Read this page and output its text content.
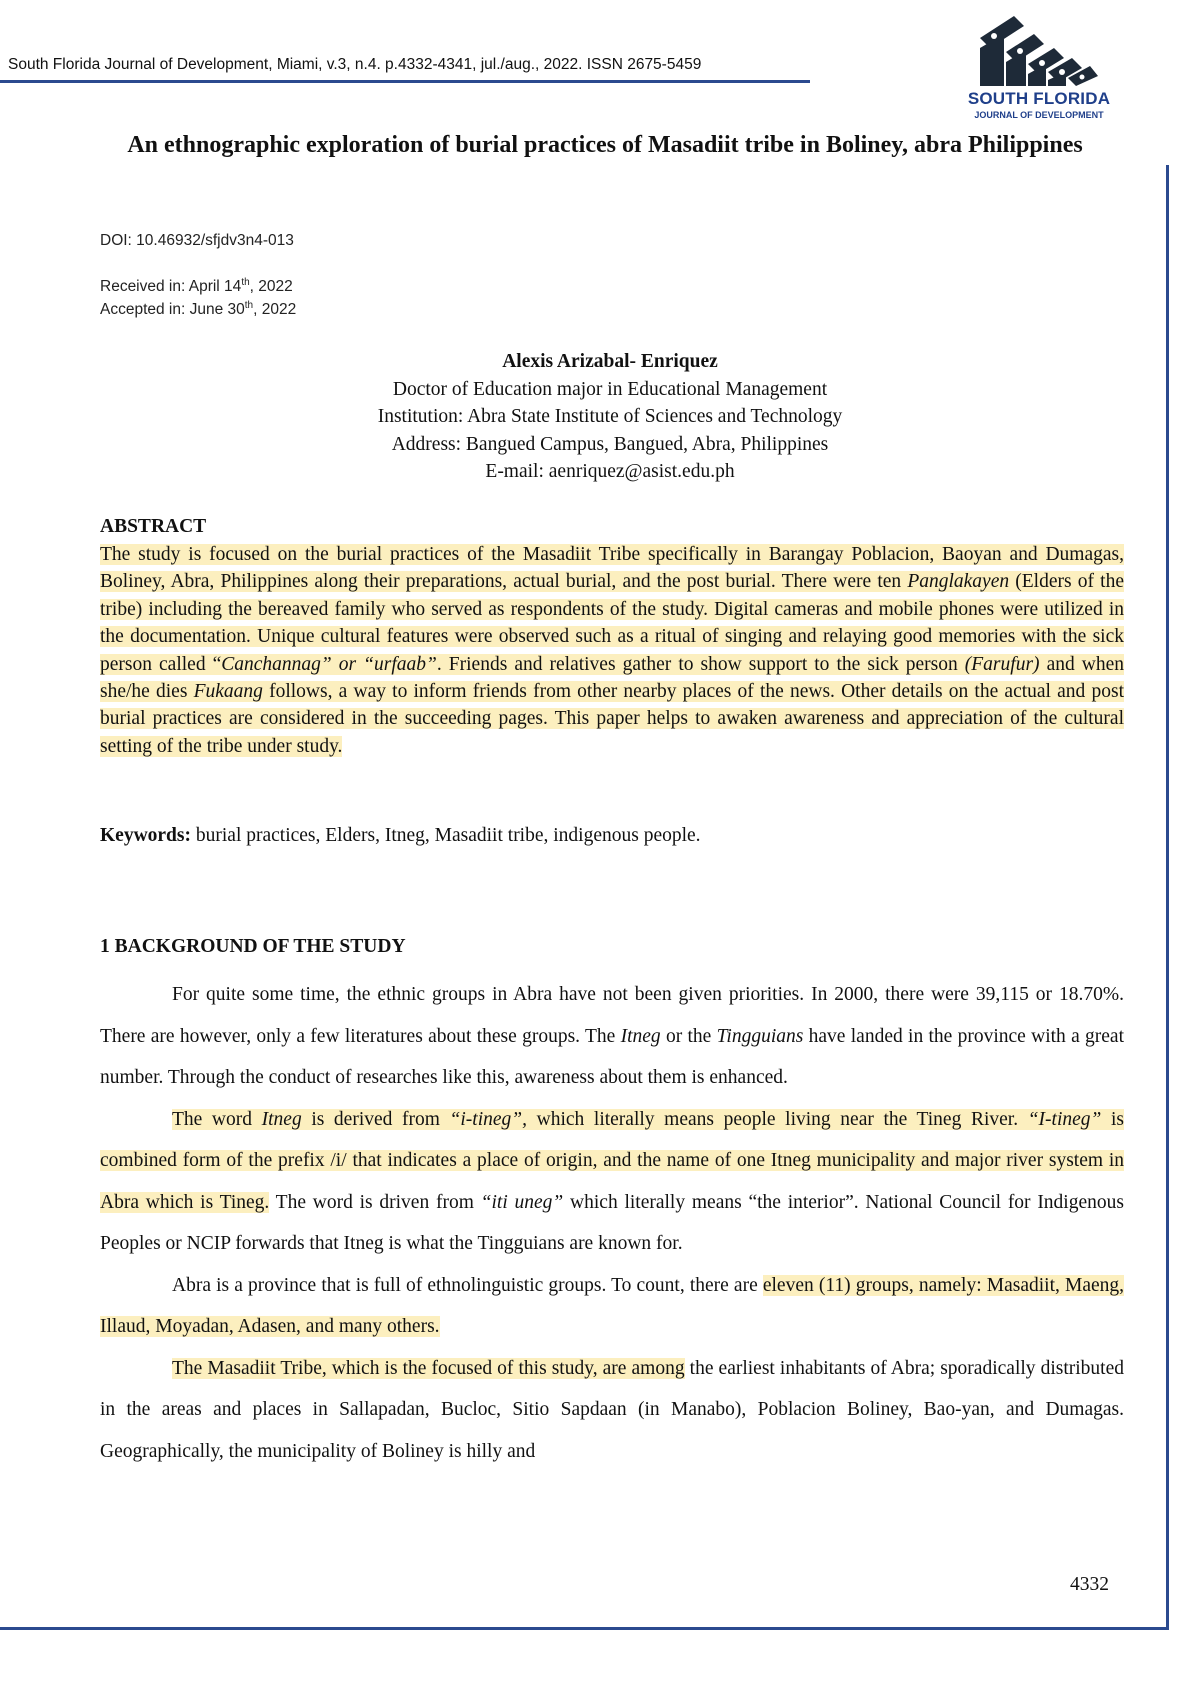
South Florida Journal of Development, Miami, v.3, n.4. p.4332-4341, jul./aug., 2022. ISSN 2675-5459

SOUTH FLORIDA

JOURNAL OF DEVELOPMENT

An ethnographic exploration of burial practices of Masadiit tribe in Boliney, abra Philippines

DOI: 10.46932/sfjdv3n4-013

Received in: April 14th, 2022

Accepted in: June 30th, 2022

Alexis Arizabal- Enriquez

Doctor of Education major in Educational Management

Institution: Abra State Institute of Sciences and Technology

Address: Bangued Campus, Bangued, Abra, Philippines

E-mail: aenriquez@asist.edu.ph

ABSTRACT

The study is focused on the burial practices of the Masadiit Tribe specifically in Barangay Poblacion, Baoyan and Dumagas, Boliney, Abra, Philippines along their preparations, actual burial, and the post burial. There were ten Panglakayen (Elders of the tribe) including the bereaved family who served as respondents of the study. Digital cameras and mobile phones were utilized in the documentation. Unique cultural features were observed such as a ritual of singing and relaying good memories with the sick person called “Canchannag” or “urfaab”. Friends and relatives gather to show support to the sick person (Farufur) and when she/he dies Fukaang follows, a way to inform friends from other nearby places of the news. Other details on the actual and post burial practices are considered in the succeeding pages. This paper helps to awaken awareness and appreciation of the cultural setting of the tribe under study.

Keywords: burial practices, Elders, Itneg, Masadiit tribe, indigenous people.

1 BACKGROUND OF THE STUDY

For quite some time, the ethnic groups in Abra have not been given priorities. In 2000, there were 39,115 or 18.70%. There are however, only a few literatures about these groups. The Itneg or the Tingguians have landed in the province with a great number. Through the conduct of researches like this, awareness about them is enhanced.

The word Itneg is derived from “i-tineg”, which literally means people living near the Tineg River. “I-tineg” is combined form of the prefix /i/ that indicates a place of origin, and the name of one Itneg municipality and major river system in Abra which is Tineg. The word is driven from “iti uneg” which literally means “the interior”. National Council for Indigenous Peoples or NCIP forwards that Itneg is what the Tingguians are known for.

Abra is a province that is full of ethnolinguistic groups. To count, there are eleven (11) groups, namely: Masadiit, Maeng, Illaud, Moyadan, Adasen, and many others.

The Masadiit Tribe, which is the focused of this study, are among the earliest inhabitants of Abra; sporadically distributed in the areas and places in Sallapadan, Bucloc, Sitio Sapdaan (in Manabo), Poblacion Boliney, Bao-yan, and Dumagas. Geographically, the municipality of Boliney is hilly and

4332
